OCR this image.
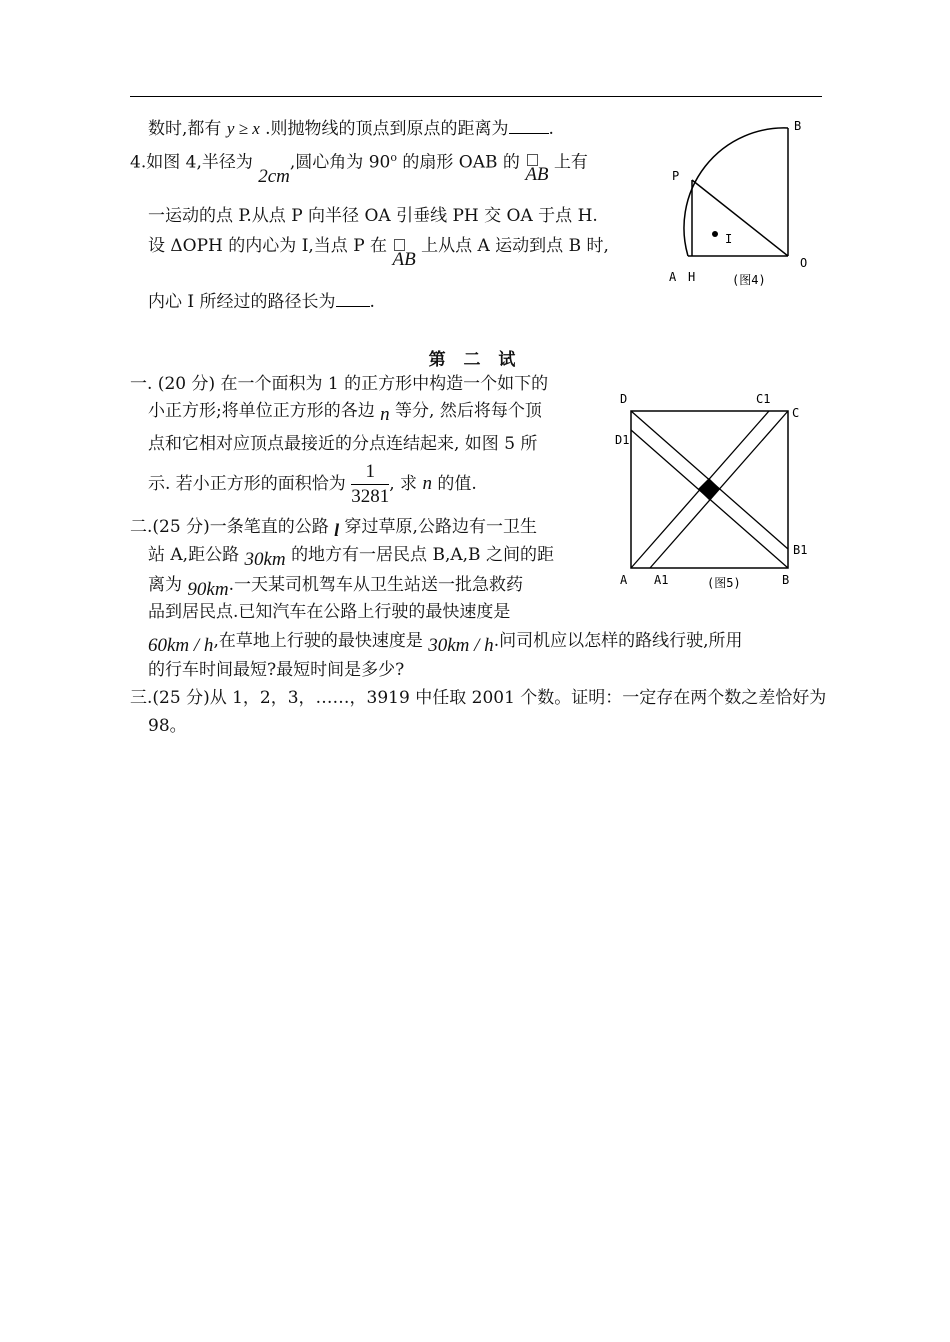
数时,都有 y ≥ x .则抛物线的顶点到原点的距离为 .
4.如图 4,半径为 2cm,圆心角为 90$^o$ 的扇形 OAB 的
AB 上有
一运动的点 P.从点 P 向半径 OA 引垂线 PH 交 OA 于点 H.
设 ΔOPH 的内心为 I,当点 P 在
AB 上从点 A 运动到点 B 时,
内心 I 所经过的路径长为 .
B
P
I
A H	(图4)
O
第 二 试
一. (20 分) 在一个面积为 1 的正方形中构造一个如下的
小正方形;将单位正方形的各边 n 等分, 然后将每个顶
点和它相对应顶点最接近的分点连结起来, 如图 5 所
示. 若小正方形的面积恰为 $\frac{1}{3281}$ , 求 n 的值.
D	C1
C
D1
B1
A A1	(图5)	B
二.(25 分)一条笔直的公路 l 穿过草原,公路边有一卫生
站 A,距公路 30km 的地方有一居民点 B,A,B 之间的距
离为 90km.一天某司机驾车从卫生站送一批急救药
品到居民点.已知汽车在公路上行驶的最快速度是
60km / h,在草地上行驶的最快速度是 30km / h.问司机应以怎样的路线行驶,所用
的行车时间最短?最短时间是多少?
三.(25 分)从 1，2，3，……，3919 中任取 2001 个数。证明：一定存在两个数之差恰好为
98。
